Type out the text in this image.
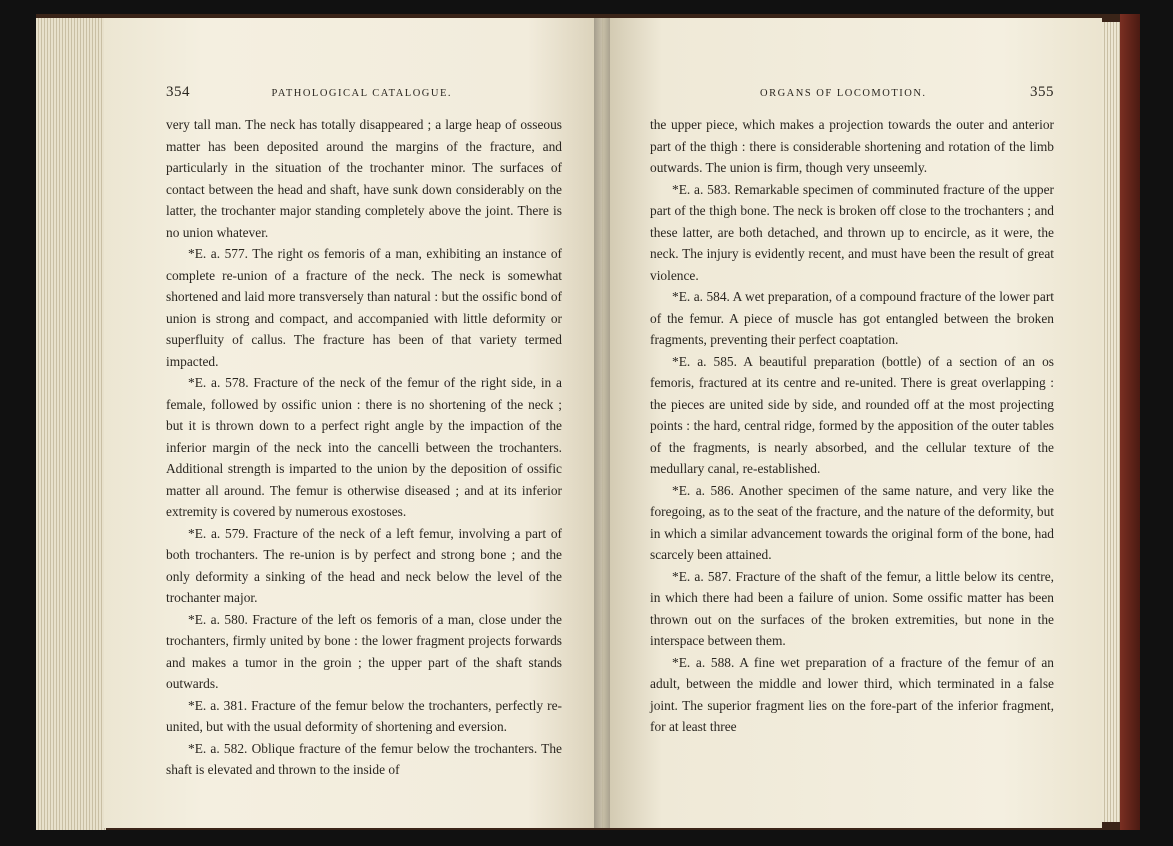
354	PATHOLOGICAL CATALOGUE.

very tall man. The neck has totally disappeared ; a large heap of osseous matter has been deposited around the margins of the fracture, and particularly in the situation of the trochanter minor. The surfaces of contact between the head and shaft, have sunk down considerably on the latter, the trochanter major standing completely above the joint. There is no union whatever.

*E. a. 577. The right os femoris of a man, exhibiting an instance of complete re-union of a fracture of the neck. The neck is somewhat shortened and laid more transversely than natural : but the ossific bond of union is strong and compact, and accompanied with little deformity or superfluity of callus. The fracture has been of that variety termed impacted.

*E. a. 578. Fracture of the neck of the femur of the right side, in a female, followed by ossific union : there is no shortening of the neck ; but it is thrown down to a perfect right angle by the impaction of the inferior margin of the neck into the cancelli between the trochanters. Additional strength is imparted to the union by the deposition of ossific matter all around. The femur is otherwise diseased ; and at its inferior extremity is covered by numerous exostoses.

*E. a. 579. Fracture of the neck of a left femur, involving a part of both trochanters. The re-union is by perfect and strong bone ; and the only deformity a sinking of the head and neck below the level of the trochanter major.

*E. a. 580. Fracture of the left os femoris of a man, close under the trochanters, firmly united by bone : the lower fragment projects forwards and makes a tumor in the groin ; the upper part of the shaft stands outwards.

*E. a. 381. Fracture of the femur below the trochanters, perfectly re-united, but with the usual deformity of shortening and eversion.

*E. a. 582. Oblique fracture of the femur below the trochanters. The shaft is elevated and thrown to the inside of

ORGANS OF LOCOMOTION.	355

the upper piece, which makes a projection towards the outer and anterior part of the thigh : there is considerable shortening and rotation of the limb outwards. The union is firm, though very unseemly.

*E. a. 583. Remarkable specimen of comminuted fracture of the upper part of the thigh bone. The neck is broken off close to the trochanters ; and these latter, are both detached, and thrown up to encircle, as it were, the neck. The injury is evidently recent, and must have been the result of great violence.

*E. a. 584. A wet preparation, of a compound fracture of the lower part of the femur. A piece of muscle has got entangled between the broken fragments, preventing their perfect coaptation.

*E. a. 585. A beautiful preparation (bottle) of a section of an os femoris, fractured at its centre and re-united. There is great overlapping : the pieces are united side by side, and rounded off at the most projecting points : the hard, central ridge, formed by the apposition of the outer tables of the fragments, is nearly absorbed, and the cellular texture of the medullary canal, re-established.

*E. a. 586. Another specimen of the same nature, and very like the foregoing, as to the seat of the fracture, and the nature of the deformity, but in which a similar advancement towards the original form of the bone, had scarcely been attained.

*E. a. 587. Fracture of the shaft of the femur, a little below its centre, in which there had been a failure of union. Some ossific matter has been thrown out on the surfaces of the broken extremities, but none in the interspace between them.

*E. a. 588. A fine wet preparation of a fracture of the femur of an adult, between the middle and lower third, which terminated in a false joint. The superior fragment lies on the fore-part of the inferior fragment, for at least three
